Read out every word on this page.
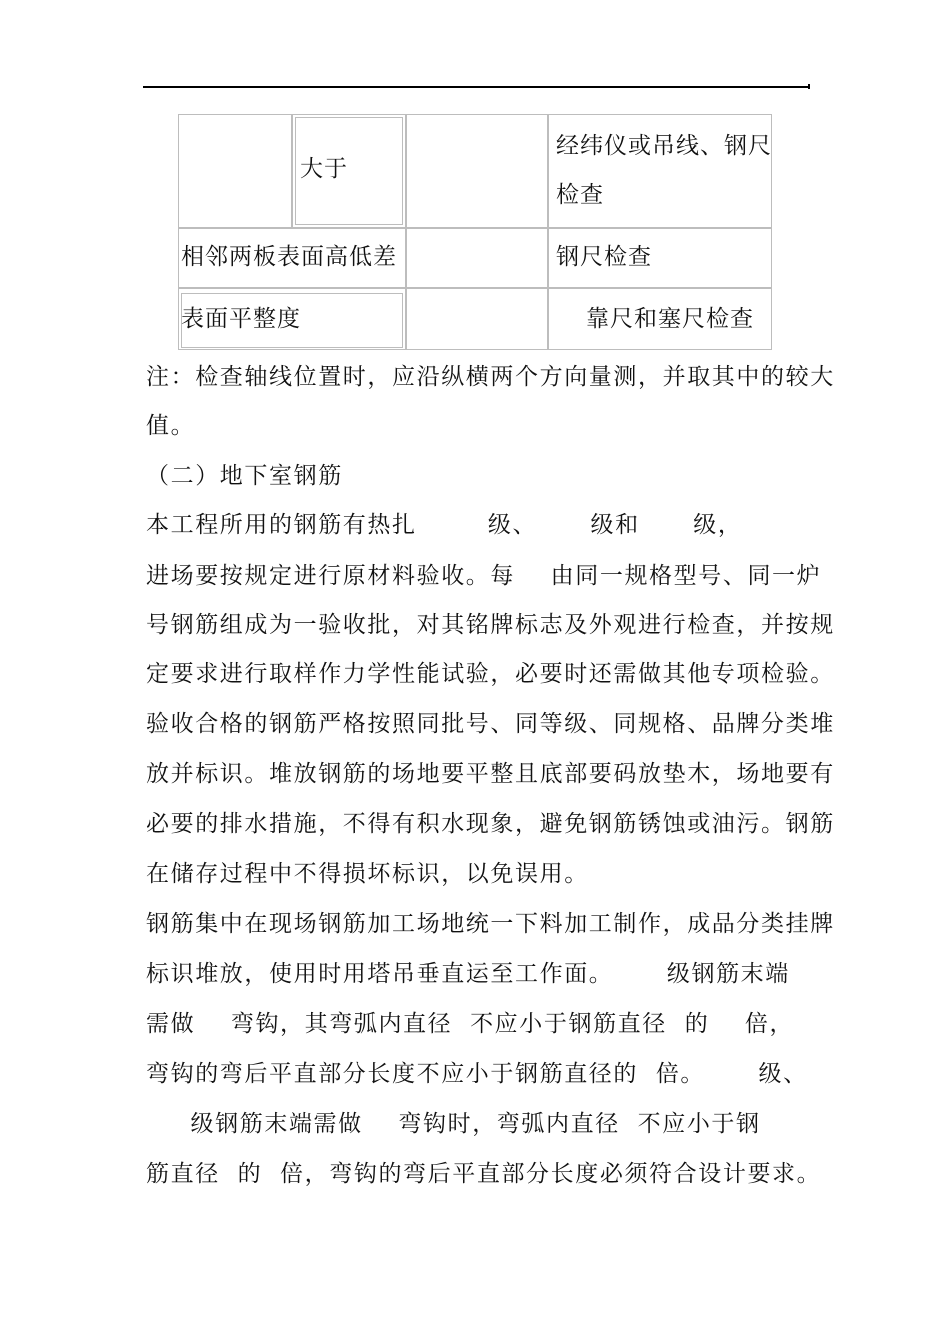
大于
经纬仪或吊线、钢尺
检查
相邻两板表面高低差	钢尺检查
表面平整度	靠尺和塞尺检查
注：检查轴线位置时，应沿纵横两个方向量测，并取其中的较大
值。
（二）地下室钢筋
本工程所用的钢筋有热扎        级、      级和      级，
进场要按规定进行原材料验收。每    由同一规格型号、同一炉
号钢筋组成为一验收批，对其铭牌标志及外观进行检查，并按规
定要求进行取样作力学性能试验，必要时还需做其他专项检验。
验收合格的钢筋严格按照同批号、同等级、同规格、品牌分类堆
放并标识。堆放钢筋的场地要平整且底部要码放垫木，场地要有
必要的排水措施，不得有积水现象，避免钢筋锈蚀或油污。钢筋
在储存过程中不得损坏标识，以免误用。
钢筋集中在现场钢筋加工场地统一下料加工制作，成品分类挂牌
标识堆放，使用时用塔吊垂直运至工作面。      级钢筋末端
需做    弯钩，其弯弧内直径  不应小于钢筋直径  的    倍，
弯钩的弯后平直部分长度不应小于钢筋直径的  倍。      级、
级钢筋末端需做    弯钩时，弯弧内直径  不应小于钢
筋直径  的  倍，弯钩的弯后平直部分长度必须符合设计要求。
